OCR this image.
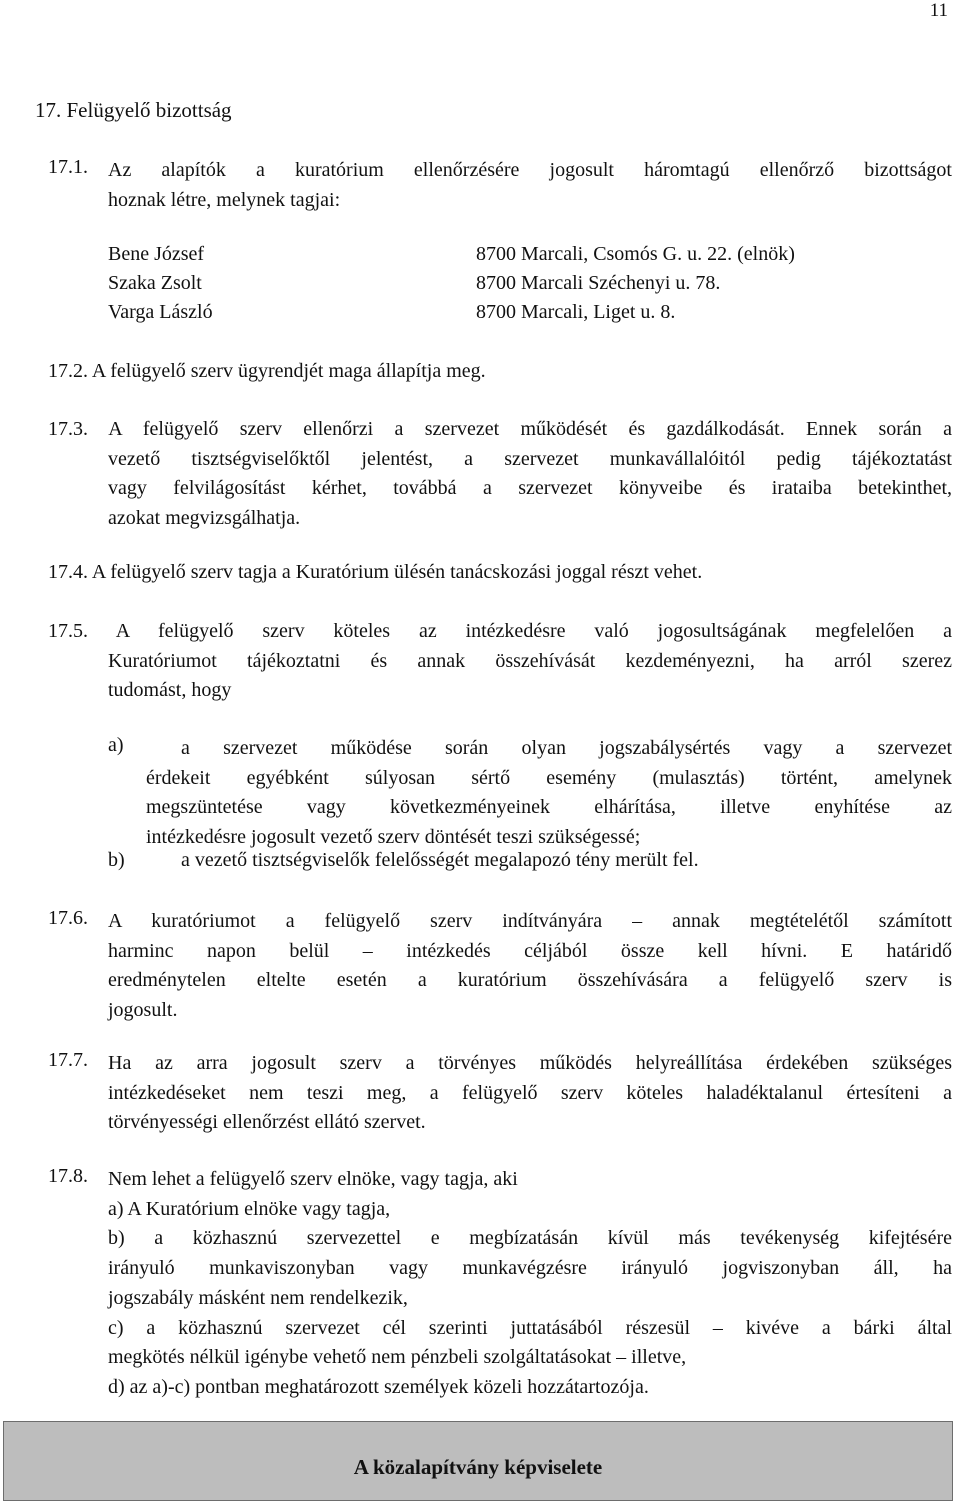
11
17. Felügyelő bizottság
17.1. Az alapítók a kuratórium ellenőrzésére jogosult háromtagú ellenőrző bizottságot
hoznak létre, melynek tagjai:
Bene József	8700 Marcali, Csomós G. u. 22. (elnök)
Szaka Zsolt	8700 Marcali Széchenyi u. 78.
Varga László	8700 Marcali, Liget u. 8.
17.2. A felügyelő szerv ügyrendjét maga állapítja meg.
17.3. A felügyelő szerv ellenőrzi a szervezet működését és gazdálkodását. Ennek során a
vezető tisztségviselőktől jelentést, a szervezet munkavállalóitól pedig tájékoztatást
vagy felvilágosítást kérhet, továbbá a szervezet könyveibe és irataiba betekinthet,
azokat megvizsgálhatja.
17.4. A felügyelő szerv tagja a Kuratórium ülésén tanácskozási joggal részt vehet.
17.5. A felügyelő szerv köteles az intézkedésre való jogosultságának megfelelően a
Kuratóriumot tájékoztatni és annak összehívását kezdeményezni, ha arról szerez
tudomást, hogy
a)	a szervezet működése során olyan jogszabálysértés vagy a szervezet
érdekeit egyébként súlyosan sértő esemény (mulasztás) történt, amelynek
megszüntetése vagy következményeinek elhárítása, illetve enyhítése az
intézkedésre jogosult vezető szerv döntését teszi szükségessé;
b)	a vezető tisztségviselők felelősségét megalapozó tény merült fel.
17.6. A kuratóriumot a felügyelő szerv indítványára – annak megtételétől számított
harminc napon belül – intézkedés céljából össze kell hívni. E határidő
eredménytelen eltelte esetén a kuratórium összehívására a felügyelő szerv is
jogosult.
17.7. Ha az arra jogosult szerv a törvényes működés helyreállítása érdekében szükséges
intézkedéseket nem teszi meg, a felügyelő szerv köteles haladéktalanul értesíteni a
törvényességi ellenőrzést ellátó szervet.
17.8. Nem lehet a felügyelő szerv elnöke, vagy tagja, aki
a) A Kuratórium elnöke vagy tagja,
b) a közhasznú szervezettel e megbízatásán kívül más tevékenység kifejtésére
irányuló munkaviszonyban vagy munkavégzésre irányuló jogviszonyban áll, ha
jogszabály másként nem rendelkezik,
c) a közhasznú szervezet cél szerinti juttatásából részesül – kivéve a bárki által
megkötés nélkül igénybe vehető nem pénzbeli szolgáltatásokat – illetve,
d) az a)-c) pontban meghatározott személyek közeli hozzátartozója.
A közalapítvány képviselete
